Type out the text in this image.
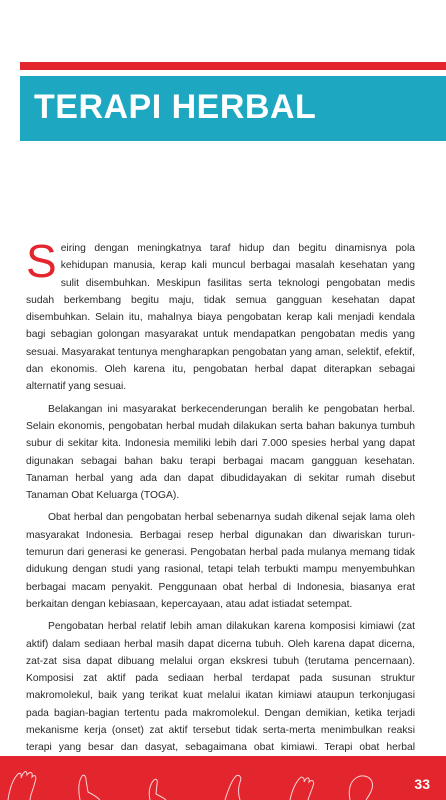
TERAPI HERBAL

S eiring dengan meningkatnya taraf hidup dan begitu dinamisnya pola kehidupan manusia, kerap kali muncul berbagai masalah kesehatan yang sulit disembuhkan. Meskipun fasilitas serta teknologi pengobatan medis sudah berkembang begitu maju, tidak semua gangguan kesehatan dapat disembuhkan. Selain itu, mahalnya biaya pengobatan kerap kali menjadi kendala bagi sebagian golongan masyarakat untuk mendapatkan pengobatan medis yang sesuai. Masyarakat tentunya mengharapkan pengobatan yang aman, selektif, efektif, dan ekonomis. Oleh karena itu, pengobatan herbal dapat diterapkan sebagai alternatif yang sesuai.

Belakangan ini masyarakat berkecenderungan beralih ke pengobatan herbal. Selain ekonomis, pengobatan herbal mudah dilakukan serta bahan bakunya tumbuh subur di sekitar kita. Indonesia memiliki lebih dari 7.000 spesies herbal yang dapat digunakan sebagai bahan baku terapi berbagai macam gangguan kesehatan. Tanaman herbal yang ada dan dapat dibudidayakan di sekitar rumah disebut Tanaman Obat Keluarga (TOGA).

Obat herbal dan pengobatan herbal sebenarnya sudah dikenal sejak lama oleh masyarakat Indonesia. Berbagai resep herbal digunakan dan diwariskan turun-temurun dari generasi ke generasi. Pengobatan herbal pada mulanya memang tidak didukung dengan studi yang rasional, tetapi telah terbukti mampu menyembuhkan berbagai macam penyakit. Penggunaan obat herbal di Indonesia, biasanya erat berkaitan dengan kebiasaan, kepercayaan, atau adat istiadat setempat.

Pengobatan herbal relatif lebih aman dilakukan karena komposisi kimiawi (zat aktif) dalam sediaan herbal masih dapat dicerna tubuh. Oleh karena dapat dicerna, zat-zat sisa dapat dibuang melalui organ ekskresi tubuh (terutama pencernaan). Komposisi zat aktif pada sediaan herbal terdapat pada susunan struktur makromolekul, baik yang terikat kuat melalui ikatan kimiawi ataupun terkonjugasi pada bagian-bagian tertentu pada makromolekul. Dengan demikian, ketika terjadi mekanisme kerja (onset) zat aktif tersebut tidak serta-merta menimbulkan reaksi terapi yang besar dan dasyat, sebagaimana obat kimiawi. Terapi obat herbal

33
